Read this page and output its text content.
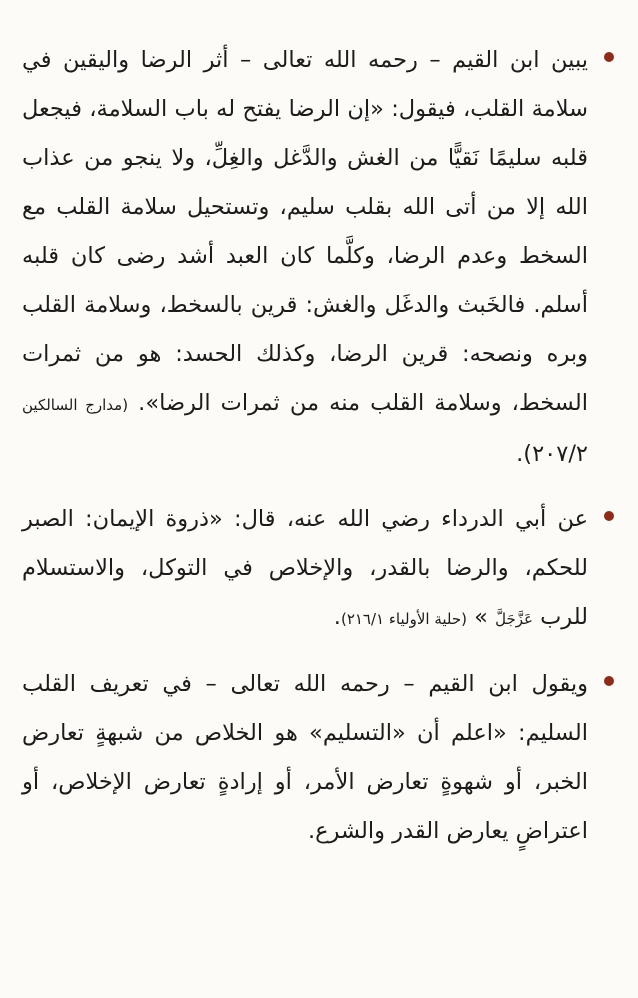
يبين ابن القيم – رحمه الله تعالى – أثر الرضا واليقين في سلامة القلب، فيقول: «إن الرضا يفتح له باب السلامة، فيجعل قلبه سليمًا نَقيًّا من الغش والدَّغل والغِلِّ، ولا ينجو من عذاب الله إلا من أتى الله بقلب سليم، وتستحيل سلامة القلب مع السخط وعدم الرضا، وكلَّما كان العبد أشد رضى كان قلبه أسلم. فالخَبث والدغَل والغش: قرين بالسخط، وسلامة القلب وبره ونصحه: قرين الرضا، وكذلك الحسد: هو من ثمرات السخط، وسلامة القلب منه من ثمرات الرضا». (مدارج السالكين ٢٠٧/٢).

عن أبي الدرداء رضي الله عنه، قال: «ذروة الإيمان: الصبر للحكم، والرضا بالقدر، والإخلاص في التوكل، والاستسلام للرب عَزَّجَلَّ » (حلية الأولياء ٢١٦/١).

ويقول ابن القيم – رحمه الله تعالى – في تعريف القلب السليم: «اعلم أن «التسليم» هو الخلاص من شبهةٍ تعارض الخبر، أو شهوةٍ تعارض الأمر، أو إرادةٍ تعارض الإخلاص، أو اعتراضٍ يعارض القدر والشرع.
